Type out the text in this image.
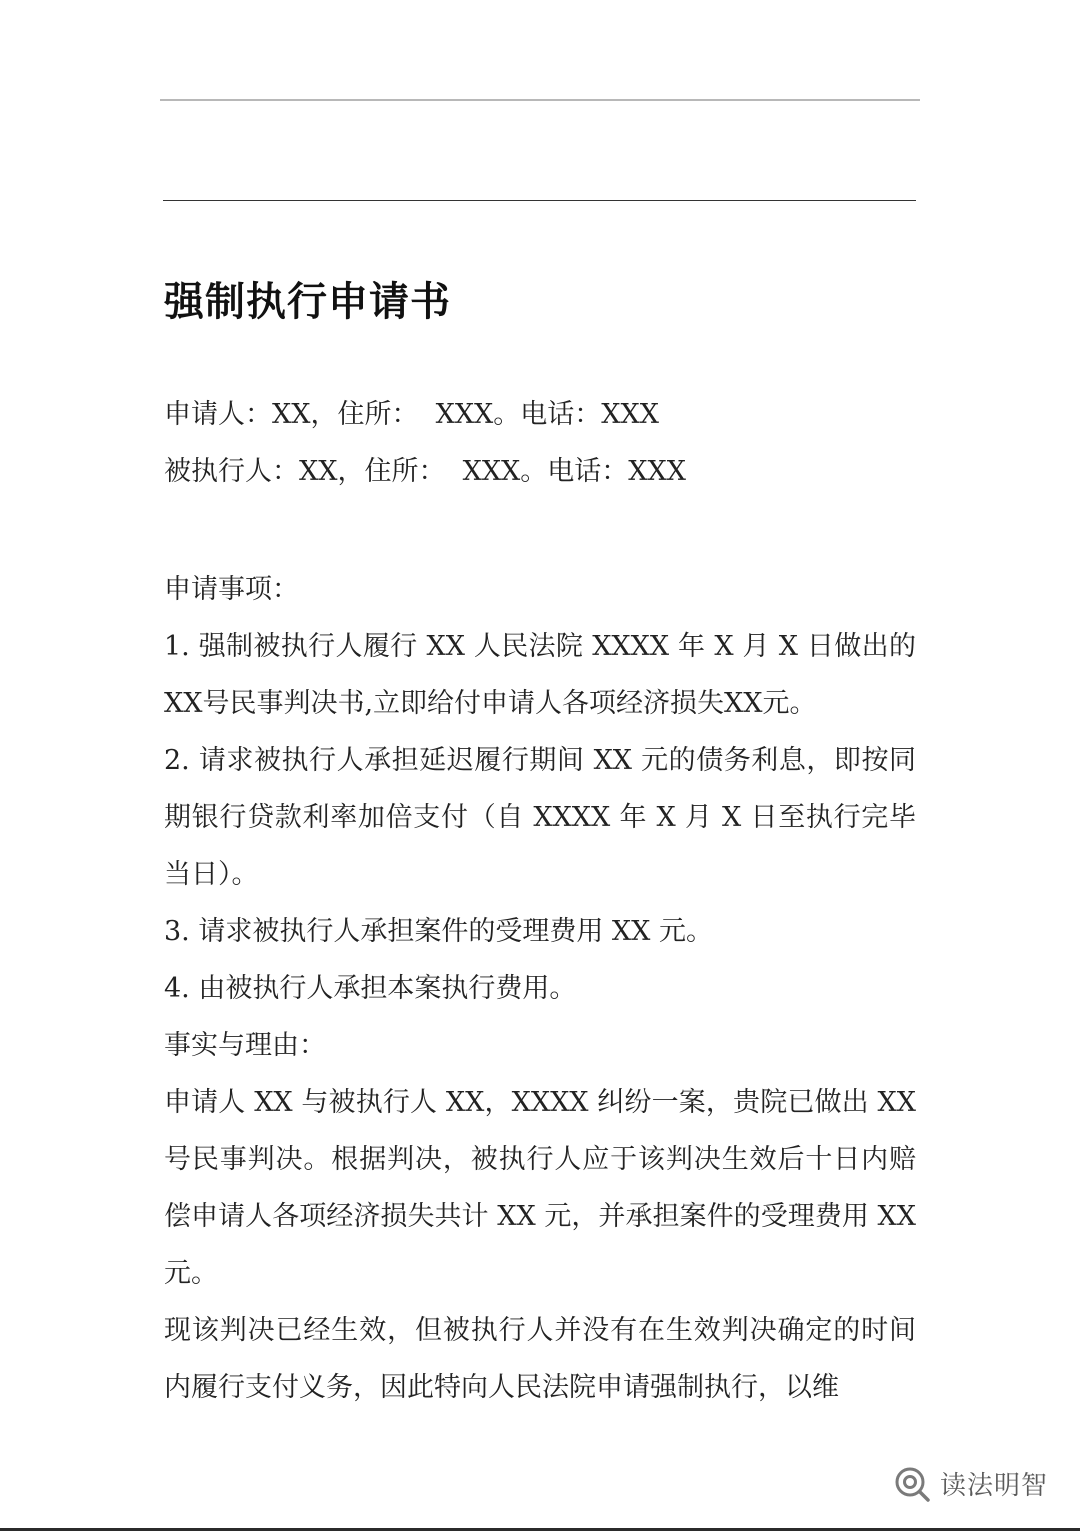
强制执行申请书

申请人：XX，住所：  XXX。电话：XXX

被执行人：XX，住所：  XXX。电话：XXX

申请事项：

1. 强制被执行人履行 XX 人民法院 XXXX 年 X 月 X 日做出的XX号民事判决书,立即给付申请人各项经济损失XX元。

2. 请求被执行人承担延迟履行期间 XX 元的债务利息，即按同期银行贷款利率加倍支付（自 XXXX 年 X 月 X 日至执行完毕当日）。

3. 请求被执行人承担案件的受理费用 XX 元。

4. 由被执行人承担本案执行费用。

事实与理由：

申请人 XX 与被执行人 XX，XXXX 纠纷一案，贵院已做出 XX 号民事判决。根据判决，被执行人应于该判决生效后十日内赔偿申请人各项经济损失共计 XX 元，并承担案件的受理费用 XX 元。

现该判决已经生效，但被执行人并没有在生效判决确定的时间内履行支付义务，因此特向人民法院申请强制执行，以维

读法明智
